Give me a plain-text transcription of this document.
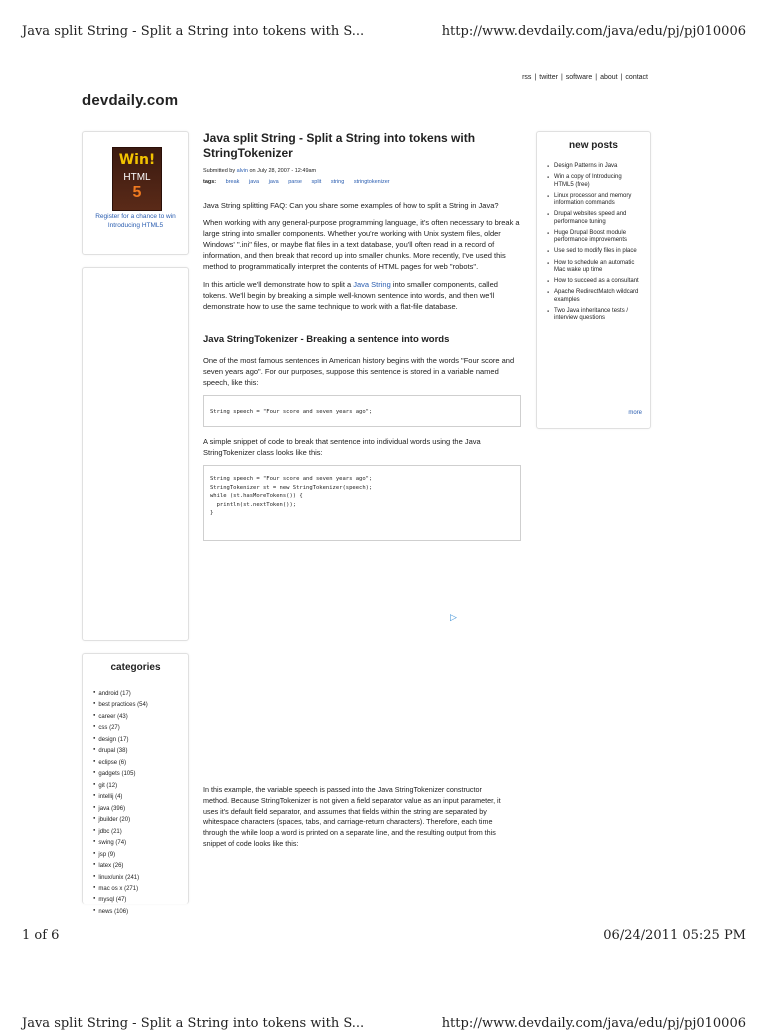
Java split String - Split a String into tokens with S...	http://www.devdaily.com/java/edu/pj/pj010006
rss | twitter | software | about | contact
devdaily.com
Win!
HTML
5
Register for a chance to win Introducing HTML5
categories
● android (17)
● best practices (54)
● career (43)
● css (27)
● design (17)
● drupal (38)
● eclipse (6)
● gadgets (105)
● git (12)
● intellij (4)
● java (396)
● jbuilder (20)
● jdbc (21)
● swing (74)
● jsp (9)
● latex (26)
● linux/unix (241)
● mac os x (271)
● mysql (47)
● news (106)
Java split String - Split a String into tokens with StringTokenizer
Submitted by alvin on July 28, 2007 - 12:49am
tags: break java java parse split string stringtokenizer

Java String splitting FAQ: Can you share some examples of how to split a String in Java?

When working with any general-purpose programming language, it's often necessary to break a large string into smaller components. Whether you're working with Unix system files, older Windows' ".ini" files, or maybe flat files in a text database, you'll often read in a record of information, and then break that record up into smaller chunks. More recently, I've used this method to programmatically interpret the contents of HTML pages for web "robots".

In this article we'll demonstrate how to split a Java String into smaller components, called tokens. We'll begin by breaking a simple well-known sentence into words, and then we'll demonstrate how to use the same technique to work with a flat-file database.

Java StringTokenizer - Breaking a sentence into words

One of the most famous sentences in American history begins with the words "Four score and seven years ago". For our purposes, suppose this sentence is stored in a variable named speech, like this:

String speech = "Four score and seven years ago";

A simple snippet of code to break that sentence into individual words using the Java StringTokenizer class looks like this:

String speech = "Four score and seven years ago";
StringTokenizer st = new StringTokenizer(speech);
while (st.hasMoreTokens()) {
println(st.nextToken());
}
▷

In this example, the variable speech is passed into the Java StringTokenizer constructor method. Because StringTokenizer is not given a field separator value as an input parameter, it uses it's default field separator, and assumes that fields within the string are separated by whitespace characters (spaces, tabs, and carriage-return characters). Therefore, each time through the while loop a word is printed on a separate line, and the resulting output from this snippet of code looks like this:

new posts
● Design Patterns in Java
● Win a copy of Introducing HTML5 (free)
● Linux processor and memory information commands
● Drupal websites speed and performance tuning
● Huge Drupal Boost module performance improvements
● Use sed to modify files in place
● How to schedule an automatic Mac wake up time
● How to succeed as a consultant
● Apache RedirectMatch wildcard examples
● Two Java inheritance tests / interview questions
more
1 of 6	06/24/2011 05:25 PM
Java split String - Split a String into tokens with S...	http://www.devdaily.com/java/edu/pj/pj010006
